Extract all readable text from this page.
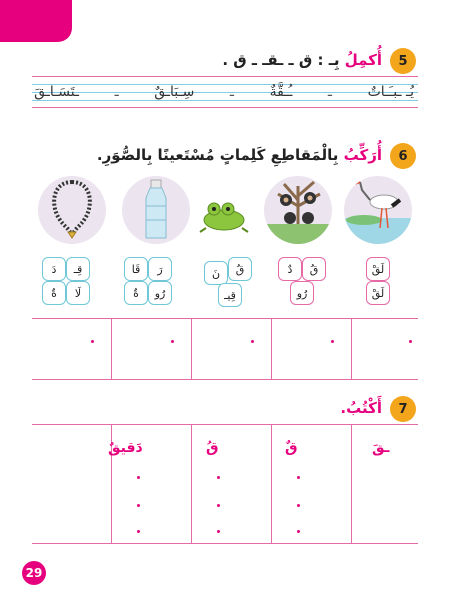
5
أُكمِلُ بِـ : ق ـ ـقـ ـ ق .
يُـ ـبـَـاتٌ
ـ
ـُـقَّةٌ
ـ
سِـبَاـقٌ
ـ
ـتَسَـاـقَ
6
أُرَكِّبُ بِالْمَقاطِعِ كَلِماتٍ مُسْتَعينًا بِالصُّوَرِ.
لَقْ
لَقْ
قُ
دٌ
رُو
قُ
نَ
قِيـ
رَ
قَا
رُو
ةٌ
قِـ
دَ
لَا
ةٌ
7
أَكْتُبُ.
ـقَ
قٌ
قُ
دَقيقٌ
29
